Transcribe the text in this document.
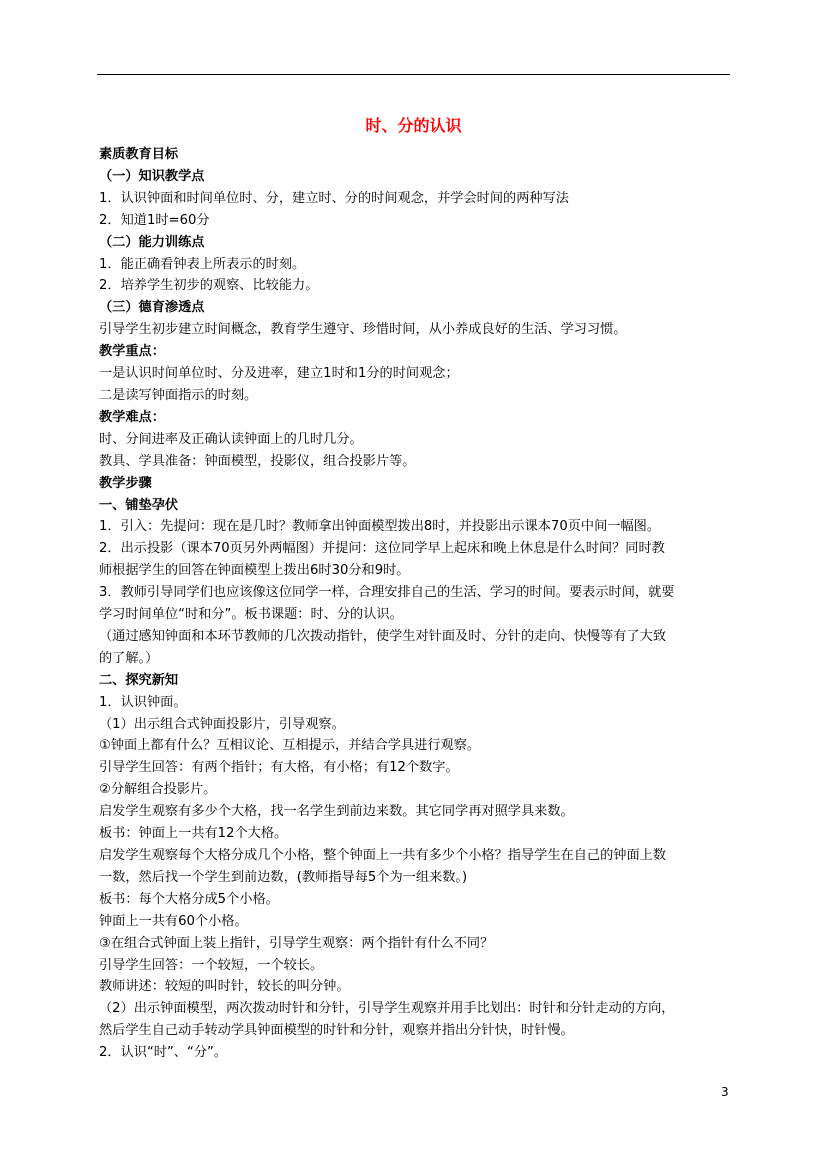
时、分的认识
素质教育目标
（一）知识教学点
1．认识钟面和时间单位时、分，建立时、分的时间观念，并学会时间的两种写法
2．知道1时=60分
（二）能力训练点
1．能正确看钟表上所表示的时刻。
2．培养学生初步的观察、比较能力。
（三）德育渗透点
引导学生初步建立时间概念，教育学生遵守、珍惜时间，从小养成良好的生活、学习习惯。
教学重点：
一是认识时间单位时、分及进率，建立1时和1分的时间观念；
二是读写钟面指示的时刻。
教学难点：
时、分间进率及正确认读钟面上的几时几分。
教具、学具准备：钟面模型，投影仪，组合投影片等。
教学步骤
一、铺垫孕伏
1．引入：先提问：现在是几时？教师拿出钟面模型拨出8时，并投影出示课本70页中间一幅图。
2．出示投影（课本70页另外两幅图）并提问：这位同学早上起床和晚上休息是什么时间？同时教
师根据学生的回答在钟面模型上拨出6时30分和9时。
3．教师引导同学们也应该像这位同学一样，合理安排自己的生活、学习的时间。要表示时间，就要
学习时间单位“时和分”。板书课题：时、分的认识。
（通过感知钟面和本环节教师的几次拨动指针，使学生对针面及时、分针的走向、快慢等有了大致
的了解。）
二、探究新知
1．认识钟面。
（1）出示组合式钟面投影片，引导观察。
①钟面上都有什么？互相议论、互相提示，并结合学具进行观察。
引导学生回答：有两个指针；有大格，有小格；有12个数字。
②分解组合投影片。
启发学生观察有多少个大格，找一名学生到前边来数。其它同学再对照学具来数。
板书：钟面上一共有12个大格。
启发学生观察每个大格分成几个小格，整个钟面上一共有多少个小格？指导学生在自己的钟面上数
一数，然后找一个学生到前边数，(教师指导每5个为一组来数。)
板书：每个大格分成5个小格。
钟面上一共有60个小格。
③在组合式钟面上装上指针，引导学生观察：两个指针有什么不同？
引导学生回答：一个较短，一个较长。
教师讲述：较短的叫时针，较长的叫分钟。
（2）出示钟面模型，两次拨动时针和分针，引导学生观察并用手比划出：时针和分针走动的方向，
然后学生自己动手转动学具钟面模型的时针和分针，观察并指出分针快，时针慢。
2．认识“时”、“分”。
3
